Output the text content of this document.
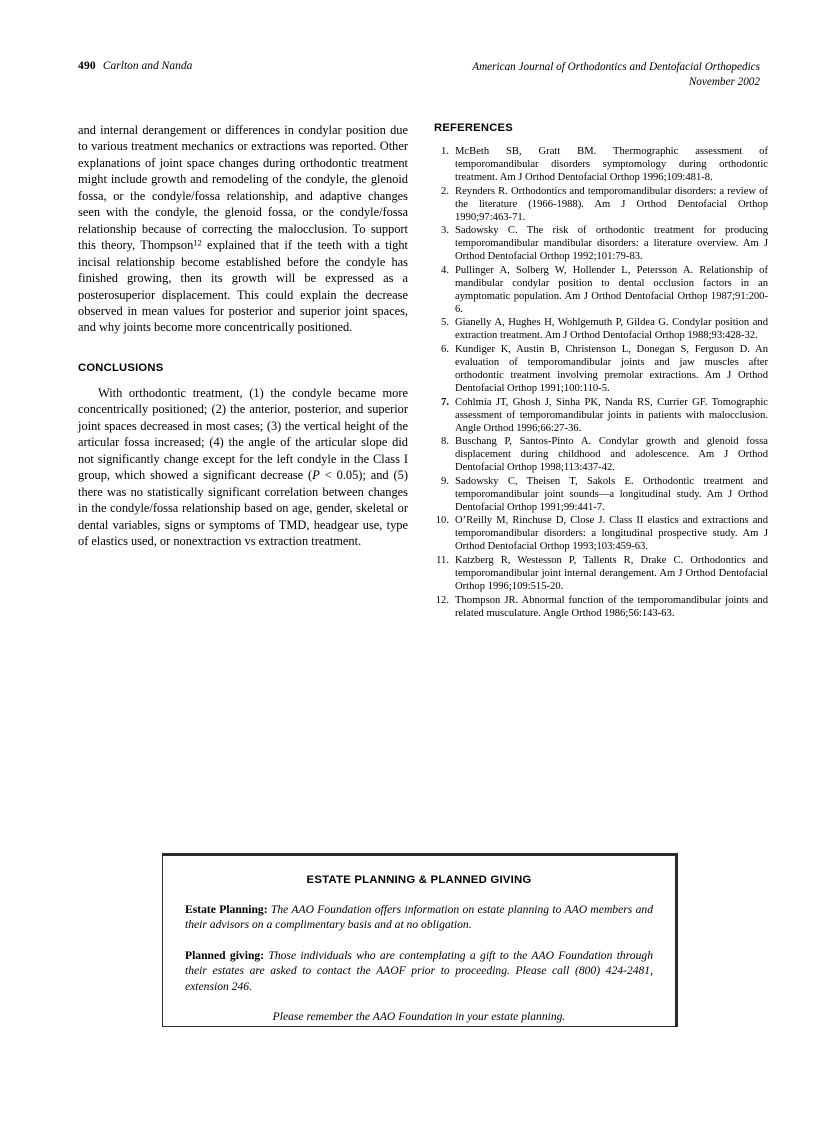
490 Carlton and Nanda	American Journal of Orthodontics and Dentofacial Orthopedics
November 2002

and internal derangement or differences in condylar position due to various treatment mechanics or extractions was reported. Other explanations of joint space changes during orthodontic treatment might include growth and remodeling of the condyle, the glenoid fossa, or the condyle/fossa relationship, and adaptive changes seen with the condyle, the glenoid fossa, or the condyle/fossa relationship because of correcting the malocclusion. To support this theory, Thompson$^{12}$ explained that if the teeth with a tight incisal relationship become established before the condyle has finished growing, then its growth will be expressed as a posterosuperior displacement. This could explain the decrease observed in mean values for posterior and superior joint spaces, and why joints become more concentrically positioned.

CONCLUSIONS

With orthodontic treatment, (1) the condyle became more concentrically positioned; (2) the anterior, posterior, and superior joint spaces decreased in most cases; (3) the vertical height of the articular fossa increased; (4) the angle of the articular slope did not significantly change except for the left condyle in the Class I group, which showed a significant decrease (P < 0.05); and (5) there was no statistically significant correlation between changes in the condyle/fossa relationship based on age, gender, skeletal or dental variables, signs or symptoms of TMD, headgear use, type of elastics used, or nonextraction vs extraction treatment.

REFERENCES

1. McBeth SB, Gratt BM. Thermographic assessment of temporomandibular disorders symptomology during orthodontic treatment. Am J Orthod Dentofacial Orthop 1996;109:481-8.
2. Reynders R. Orthodontics and temporomandibular disorders: a review of the literature (1966-1988). Am J Orthod Dentofacial Orthop 1990;97:463-71.
3. Sadowsky C. The risk of orthodontic treatment for producing temporomandibular mandibular disorders: a literature overview. Am J Orthod Dentofacial Orthop 1992;101:79-83.
4. Pullinger A, Solberg W, Hollender L, Petersson A. Relationship of mandibular condylar position to dental occlusion factors in an aymptomatic population. Am J Orthod Dentofacial Orthop 1987;91:200-6.
5. Gianelly A, Hughes H, Wohlgemuth P, Gildea G. Condylar position and extraction treatment. Am J Orthod Dentofacial Orthop 1988;93:428-32.
6. Kundiger K, Austin B, Christenson L, Donegan S, Ferguson D. An evaluation of temporomandibular joints and jaw muscles after orthodontic treatment involving premolar extractions. Am J Orthod Dentofacial Orthop 1991;100:110-5.
7. Cohlmia JT, Ghosh J, Sinha PK, Nanda RS, Currier GF. Tomographic assessment of temporomandibular joints in patients with malocclusion. Angle Orthod 1996;66:27-36.
8. Buschang P, Santos-Pinto A. Condylar growth and glenoid fossa displacement during childhood and adolescence. Am J Orthod Dentofacial Orthop 1998;113:437-42.
9. Sadowsky C, Theisen T, Sakols E. Orthodontic treatment and temporomandibular joint sounds—a longitudinal study. Am J Orthod Dentofacial Orthop 1991;99:441-7.
10. O’Reilly M, Rinchuse D, Close J. Class II elastics and extractions and temporomandibular disorders: a longitudinal prospective study. Am J Orthod Dentofacial Orthop 1993;103:459-63.
11. Katzberg R, Westesson P, Tallents R, Drake C. Orthodontics and temporomandibular joint internal derangement. Am J Orthod Dentofacial Orthop 1996;109:515-20.
12. Thompson JR. Abnormal function of the temporomandibular joints and related musculature. Angle Orthod 1986;56:143-63.
ESTATE PLANNING & PLANNED GIVING

Estate Planning: The AAO Foundation offers information on estate planning to AAO members and their advisors on a complimentary basis and at no obligation.

Planned giving: Those individuals who are contemplating a gift to the AAO Foundation through their estates are asked to contact the AAOF prior to proceeding. Please call (800) 424-2481, extension 246.

Please remember the AAO Foundation in your estate planning.
